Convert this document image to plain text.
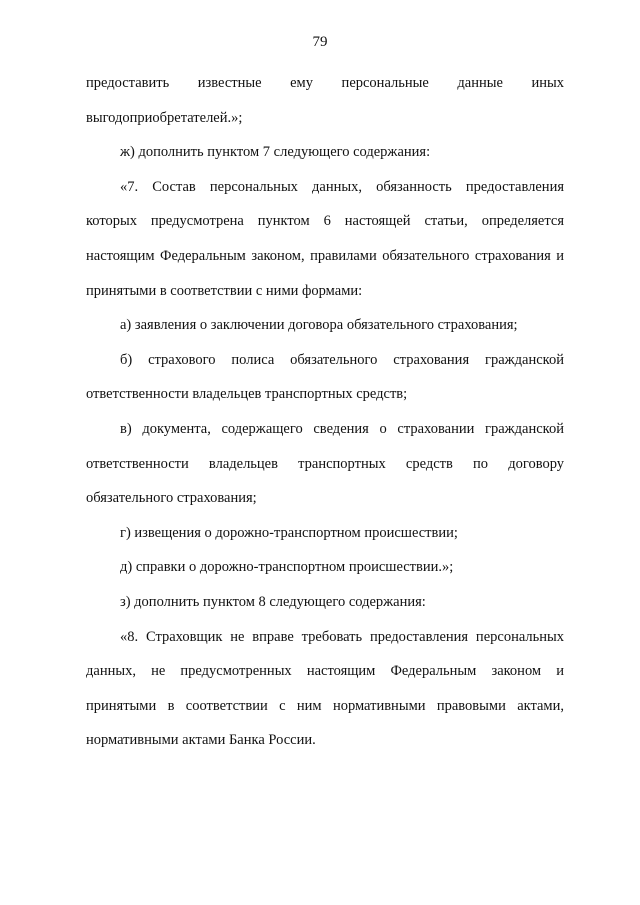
79

предоставить известные ему персональные данные иных выгодоприобретателей.»;

ж) дополнить пунктом 7 следующего содержания:

«7. Состав персональных данных, обязанность предоставления которых предусмотрена пунктом 6 настоящей статьи, определяется настоящим Федеральным законом, правилами обязательного страхования и принятыми в соответствии с ними формами:

а) заявления о заключении договора обязательного страхования;

б) страхового полиса обязательного страхования гражданской ответственности владельцев транспортных средств;

в) документа, содержащего сведения о страховании гражданской ответственности владельцев транспортных средств по договору обязательного страхования;

г) извещения о дорожно-транспортном происшествии;

д) справки о дорожно-транспортном происшествии.»;

з) дополнить пунктом 8 следующего содержания:

«8. Страховщик не вправе требовать предоставления персональных данных, не предусмотренных настоящим Федеральным законом и принятыми в соответствии с ним нормативными правовыми актами, нормативными актами Банка России.
